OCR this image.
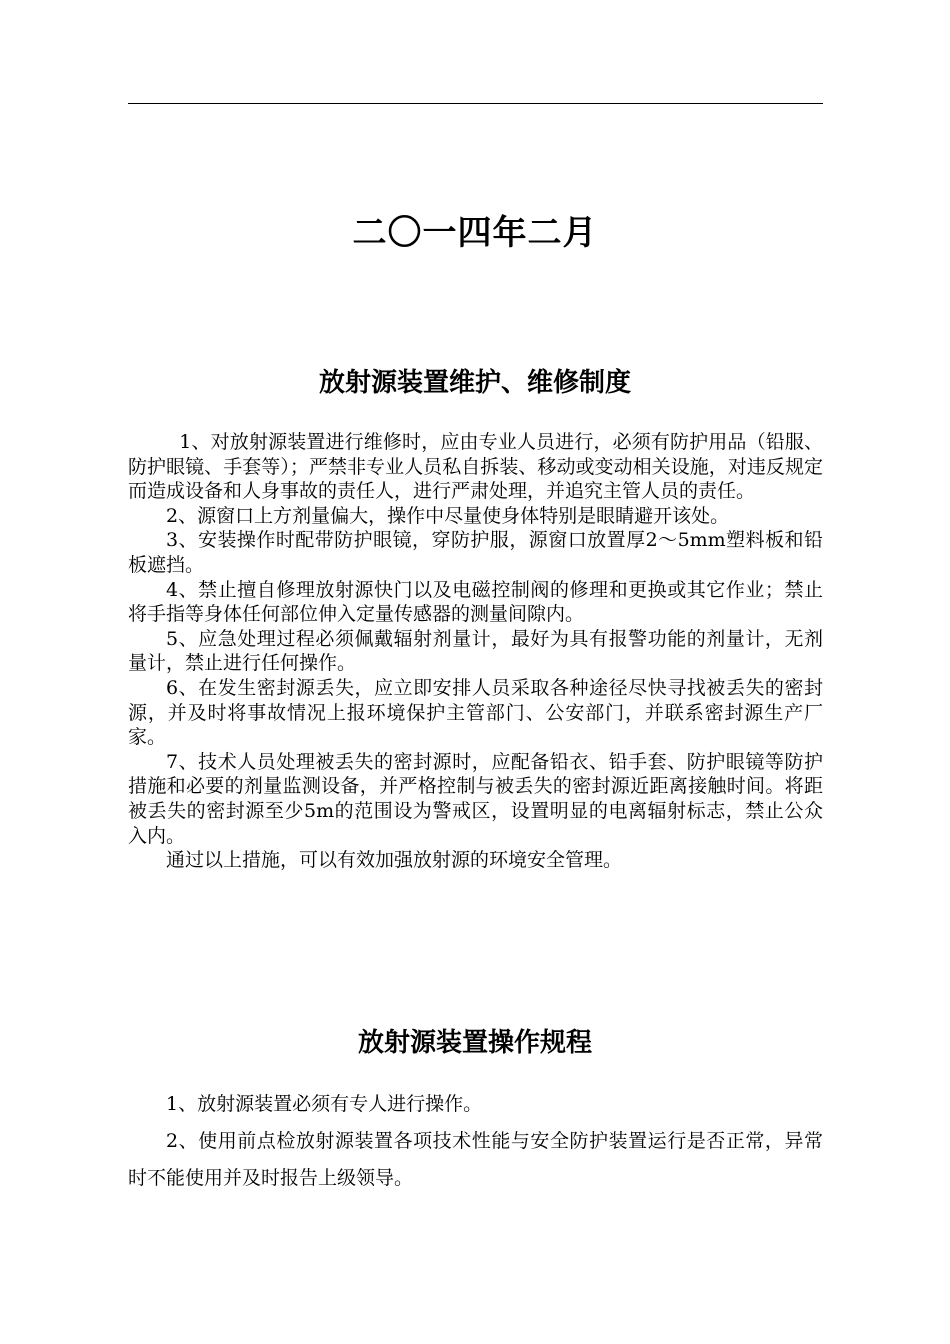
二〇一四年二月
放射源装置维护、维修制度

1、对放射源装置进行维修时，应由专业人员进行，必须有防护用品（铅服、防护眼镜、手套等）；严禁非专业人员私自拆装、移动或变动相关设施，对违反规定而造成设备和人身事故的责任人，进行严肃处理，并追究主管人员的责任。

2、源窗口上方剂量偏大，操作中尽量使身体特别是眼睛避开该处。

3、安装操作时配带防护眼镜，穿防护服，源窗口放置厚2～5mm塑料板和铅板遮挡。

4、禁止擅自修理放射源快门以及电磁控制阀的修理和更换或其它作业；禁止将手指等身体任何部位伸入定量传感器的测量间隙内。

5、应急处理过程必须佩戴辐射剂量计，最好为具有报警功能的剂量计，无剂量计，禁止进行任何操作。

6、在发生密封源丢失，应立即安排人员采取各种途径尽快寻找被丢失的密封源，并及时将事故情况上报环境保护主管部门、公安部门，并联系密封源生产厂家。

7、技术人员处理被丢失的密封源时，应配备铅衣、铅手套、防护眼镜等防护措施和必要的剂量监测设备，并严格控制与被丢失的密封源近距离接触时间。将距被丢失的密封源至少5m的范围设为警戒区，设置明显的电离辐射标志，禁止公众入内。

通过以上措施，可以有效加强放射源的环境安全管理。

放射源装置操作规程

1、放射源装置必须有专人进行操作。

2、使用前点检放射源装置各项技术性能与安全防护装置运行是否正常，异常时不能使用并及时报告上级领导。
